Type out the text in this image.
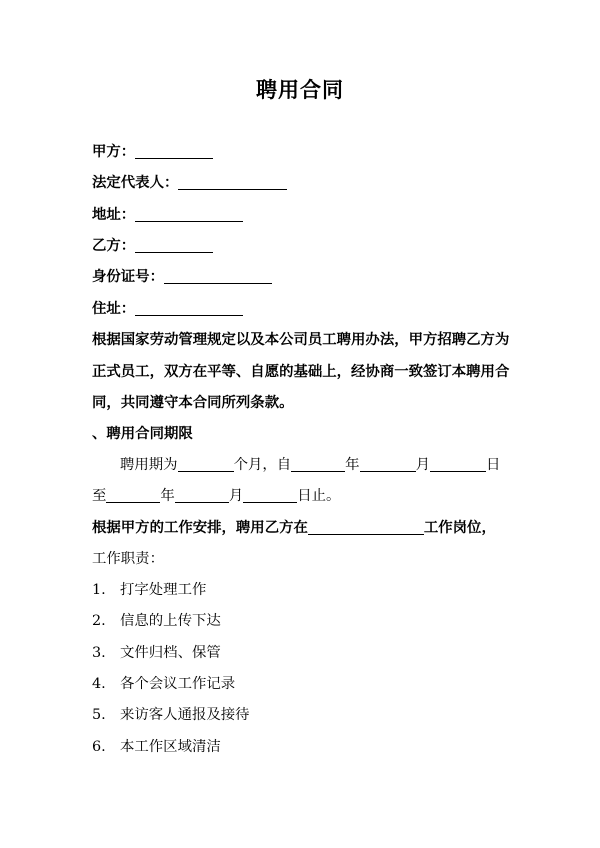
聘用合同
甲方：
法定代表人：
地址：
乙方：
身份证号：
住址：
根据国家劳动管理规定以及本公司员工聘用办法，甲方招聘乙方为
正式员工，双方在平等、自愿的基础上，经协商一致签订本聘用合
同，共同遵守本合同所列条款。
、聘用合同期限
聘用期为	个月，自	年	月	日
至	年	月	日止。
根据甲方的工作安排，聘用乙方在	工作岗位，
工作职责：
1. 打字处理工作
2. 信息的上传下达
3. 文件归档、保管
4. 各个会议工作记录
5. 来访客人通报及接待
6. 本工作区域清洁
